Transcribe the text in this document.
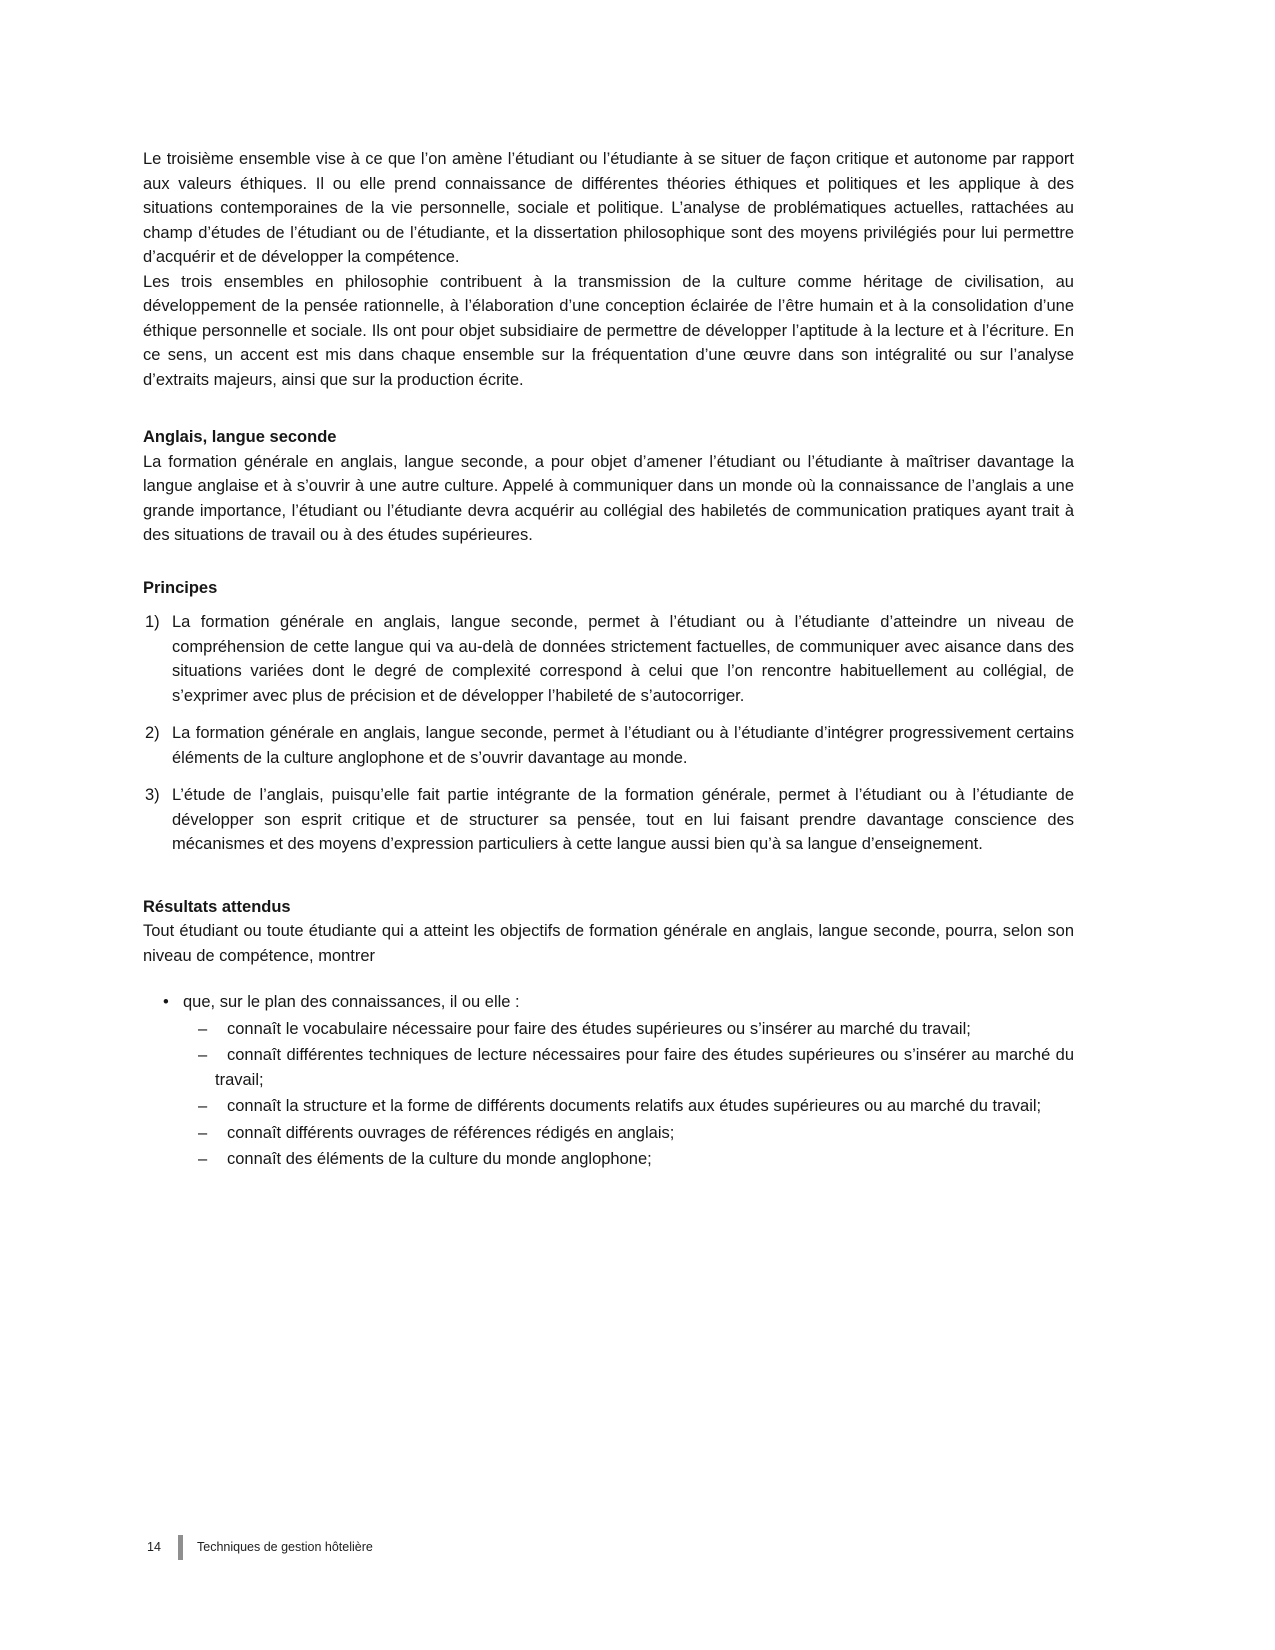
Le troisième ensemble vise à ce que l’on amène l’étudiant ou l’étudiante à se situer de façon critique et autonome par rapport aux valeurs éthiques. Il ou elle prend connaissance de différentes théories éthiques et politiques et les applique à des situations contemporaines de la vie personnelle, sociale et politique. L’analyse de problématiques actuelles, rattachées au champ d’études de l’étudiant ou de l’étudiante, et la dissertation philosophique sont des moyens privilégiés pour lui permettre d’acquérir et de développer la compétence.

Les trois ensembles en philosophie contribuent à la transmission de la culture comme héritage de civilisation, au développement de la pensée rationnelle, à l’élaboration d’une conception éclairée de l’être humain et à la consolidation d’une éthique personnelle et sociale. Ils ont pour objet subsidiaire de permettre de développer l’aptitude à la lecture et à l’écriture. En ce sens, un accent est mis dans chaque ensemble sur la fréquentation d’une œuvre dans son intégralité ou sur l’analyse d’extraits majeurs, ainsi que sur la production écrite.

Anglais, langue seconde

La formation générale en anglais, langue seconde, a pour objet d’amener l’étudiant ou l’étudiante à maîtriser davantage la langue anglaise et à s’ouvrir à une autre culture. Appelé à communiquer dans un monde où la connaissance de l’anglais a une grande importance, l’étudiant ou l’étudiante devra acquérir au collégial des habiletés de communication pratiques ayant trait à des situations de travail ou à des études supérieures.

Principes
1) La formation générale en anglais, langue seconde, permet à l’étudiant ou à l’étudiante d’atteindre un niveau de compréhension de cette langue qui va au-delà de données strictement factuelles, de communiquer avec aisance dans des situations variées dont le degré de complexité correspond à celui que l’on rencontre habituellement au collégial, de s’exprimer avec plus de précision et de développer l’habileté de s’autocorriger.
2) La formation générale en anglais, langue seconde, permet à l’étudiant ou à l’étudiante d’intégrer progressivement certains éléments de la culture anglophone et de s’ouvrir davantage au monde.
3) L’étude de l’anglais, puisqu’elle fait partie intégrante de la formation générale, permet à l’étudiant ou à l’étudiante de développer son esprit critique et de structurer sa pensée, tout en lui faisant prendre davantage conscience des mécanismes et des moyens d’expression particuliers à cette langue aussi bien qu’à sa langue d’enseignement.
Résultats attendus

Tout étudiant ou toute étudiante qui a atteint les objectifs de formation générale en anglais, langue seconde, pourra, selon son niveau de compétence, montrer

• que, sur le plan des connaissances, il ou elle :
– connaît le vocabulaire nécessaire pour faire des études supérieures ou s’insérer au marché du travail;
– connaît différentes techniques de lecture nécessaires pour faire des études supérieures ou s’insérer au marché du travail;
– connaît la structure et la forme de différents documents relatifs aux études supérieures ou au marché du travail;
– connaît différents ouvrages de références rédigés en anglais;
– connaît des éléments de la culture du monde anglophone;
14	Techniques de gestion hôtelière
